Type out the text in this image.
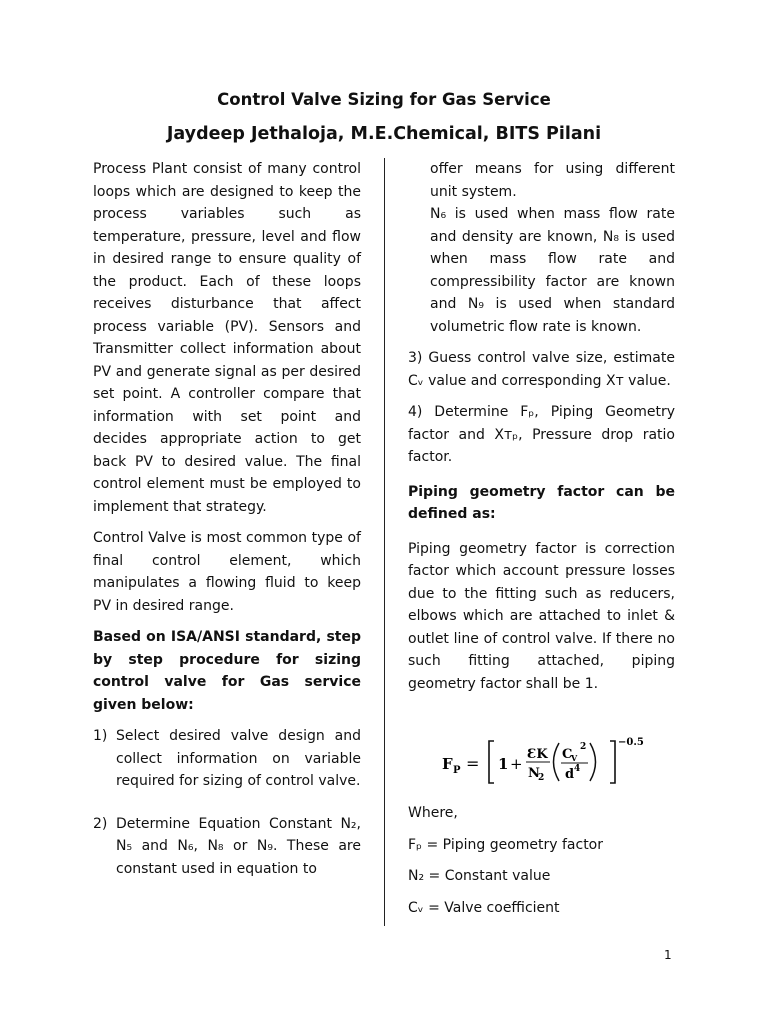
Control Valve Sizing for Gas Service
Jaydeep Jethaloja, M.E.Chemical, BITS Pilani

Process Plant consist of many control loops which are designed to keep the process variables such as temperature, pressure, level and flow in desired range to ensure quality of the product. Each of these loops receives disturbance that affect process variable (PV). Sensors and Transmitter collect information about PV and generate signal as per desired set point. A controller compare that information with set point and decides appropriate action to get back PV to desired value. The final control element must be employed to implement that strategy.

Control Valve is most common type of final control element, which manipulates a flowing fluid to keep PV in desired range.

Based on ISA/ANSI standard, step by step procedure for sizing control valve for Gas service given below:

1) Select desired valve design and collect information on variable required for sizing of control valve.
2) Determine Equation Constant N₂, N₅ and N₆, N₈ or N₉. These are constant used in equation to

offer means for using different unit system.

N₆ is used when mass flow rate and density are known, N₈ is used when mass flow rate and compressibility factor are known and N₉ is used when standard volumetric flow rate is known.

3) Guess control valve size, estimate Cᵥ value and corresponding Xᴛ value.

4) Determine Fₚ, Piping Geometry factor and Xᴛₚ, Pressure drop ratio factor.

Piping geometry factor can be defined as:

Piping geometry factor is correction factor which account pressure losses due to the fitting such as reducers, elbows which are attached to inlet & outlet line of control valve. If there no such fitting attached, piping geometry factor shall be 1.

F P = 1 +
ƐK
N
2
C
V
2
d 4
−0.5

Where,

Fₚ = Piping geometry factor

N₂ = Constant value

Cᵥ = Valve coefficient

1
